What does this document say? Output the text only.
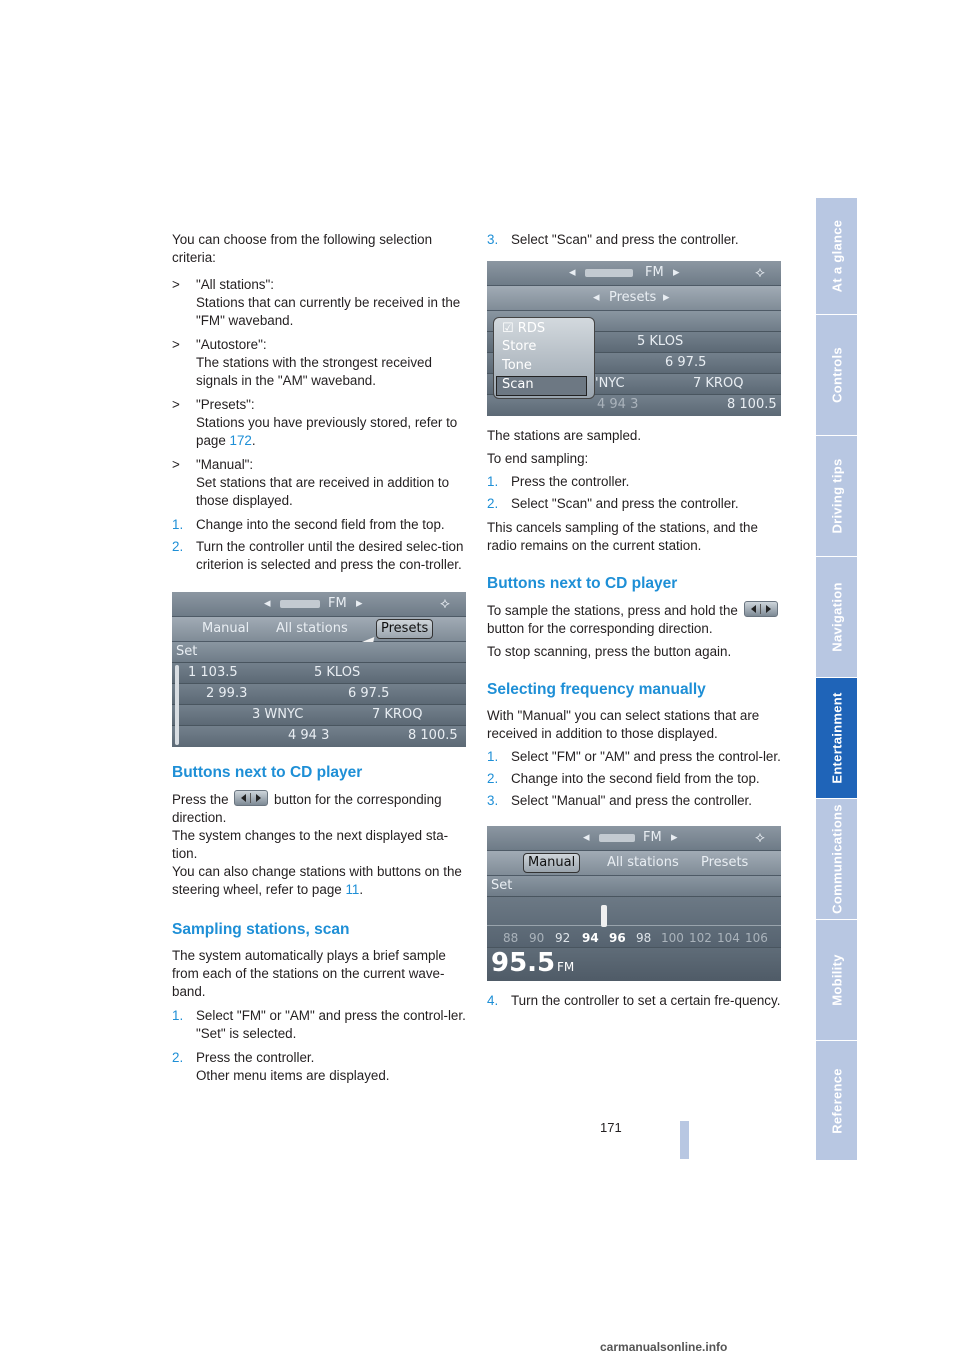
You can choose from the following selection criteria:

> "All stations":
Stations that can currently be received in the "FM" waveband.
> "Autostore":
The stations with the strongest received signals in the "AM" waveband.
> "Presets":
Stations you have previously stored, refer to page 172.
> "Manual":
Set stations that are received in addition to those displayed.
1. Change into the second field from the top.
2. Turn the controller until the desired selec-tion criterion is selected and press the con-troller.
◂	FM ▸	⟡
Manual All stations	Presets
Set
1 103.5	5 KLOS
2 99.3	6 97.5
3 WNYC	7 KROQ
4 94 3	8 100.5
Buttons next to CD player

Press the	button for the corresponding direction.

The system changes to the next displayed sta-tion.

You can also change stations with buttons on the steering wheel, refer to page 11.

Sampling stations, scan

The system automatically plays a brief sample from each of the stations on the current wave-band.

1. Select "FM" or "AM" and press the control-ler.
"Set" is selected.
2. Press the controller.
Other menu items are displayed.
3. Select "Scan" and press the controller.
◂	FM ▸	⟡
◂ Presets ▸
5 KLOS
6 97.5
'NYC	7 KROQ
4 94 3	8 100.5
☑ RDS
Store
Tone
Scan

The stations are sampled.

To end sampling:

1. Press the controller.
2. Select "Scan" and press the controller.

This cancels sampling of the stations, and the radio remains on the current station.

Buttons next to CD player

To sample the stations, press and hold the
button for the corresponding direction.

To stop scanning, press the button again.

Selecting frequency manually

With "Manual" you can select stations that are received in addition to those displayed.

1. Select "FM" or "AM" and press the control-ler.
2. Change into the second field from the top.
3. Select "Manual" and press the controller.
◂	FM ▸	⟡
Manual	All stations Presets
Set
88 90 92 94 96 98 100 102 104 106
95.5 FM
4. Turn the controller to set a certain fre-quency.
At a glance
Controls
Driving tips
Navigation
Entertainment
Communications
Mobility
Reference
171
carmanualsonline.info
